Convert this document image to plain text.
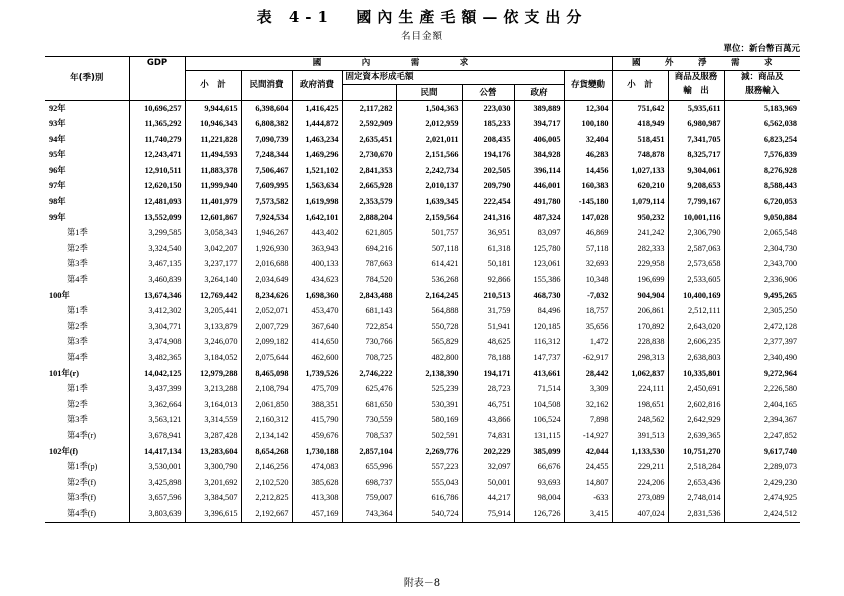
表 4-1  國內生產毛額—依支出分
名目金額
單位：新台幣百萬元
年(季)別	GDP	國　內　需　求								國　外　淨　需　求		
		小　計	民間消費	政府消費	固定資本形成毛額				存貨變動	小　計	商品及服務	減：商品及
						民間	公營	政府			輸　出	服務輸入

92年	10,696,257	9,944,615	6,398,604	1,416,425	2,117,282	1,504,363	223,030	389,889	12,304	751,642	5,935,611	5,183,969
93年	11,365,292	10,946,343	6,808,382	1,444,872	2,592,909	2,012,959	185,233	394,717	100,180	418,949	6,980,987	6,562,038
94年	11,740,279	11,221,828	7,090,739	1,463,234	2,635,451	2,021,011	208,435	406,005	32,404	518,451	7,341,705	6,823,254
95年	12,243,471	11,494,593	7,248,344	1,469,296	2,730,670	2,151,566	194,176	384,928	46,283	748,878	8,325,717	7,576,839
96年	12,910,511	11,883,378	7,506,467	1,521,102	2,841,353	2,242,734	202,505	396,114	14,456	1,027,133	9,304,061	8,276,928
97年	12,620,150	11,999,940	7,609,995	1,563,634	2,665,928	2,010,137	209,790	446,001	160,383	620,210	9,208,653	8,588,443
98年	12,481,093	11,401,979	7,573,582	1,619,998	2,353,579	1,639,345	222,454	491,780	-145,180	1,079,114	7,799,167	6,720,053
99年	13,552,099	12,601,867	7,924,534	1,642,101	2,888,204	2,159,564	241,316	487,324	147,028	950,232	10,001,116	9,050,884
第1季	3,299,585	3,058,343	1,946,267	443,402	621,805	501,757	36,951	83,097	46,869	241,242	2,306,790	2,065,548
第2季	3,324,540	3,042,207	1,926,930	363,943	694,216	507,118	61,318	125,780	57,118	282,333	2,587,063	2,304,730
第3季	3,467,135	3,237,177	2,016,688	400,133	787,663	614,421	50,181	123,061	32,693	229,958	2,573,658	2,343,700
第4季	3,460,839	3,264,140	2,034,649	434,623	784,520	536,268	92,866	155,386	10,348	196,699	2,533,605	2,336,906
100年	13,674,346	12,769,442	8,234,626	1,698,360	2,843,488	2,164,245	210,513	468,730	-7,032	904,904	10,400,169	9,495,265
第1季	3,412,302	3,205,441	2,052,071	453,470	681,143	564,888	31,759	84,496	18,757	206,861	2,512,111	2,305,250
第2季	3,304,771	3,133,879	2,007,729	367,640	722,854	550,728	51,941	120,185	35,656	170,892	2,643,020	2,472,128
第3季	3,474,908	3,246,070	2,099,182	414,650	730,766	565,829	48,625	116,312	1,472	228,838	2,606,235	2,377,397
第4季	3,482,365	3,184,052	2,075,644	462,600	708,725	482,800	78,188	147,737	-62,917	298,313	2,638,803	2,340,490
101年(r)	14,042,125	12,979,288	8,465,098	1,739,526	2,746,222	2,138,390	194,171	413,661	28,442	1,062,837	10,335,801	9,272,964
第1季	3,437,399	3,213,288	2,108,794	475,709	625,476	525,239	28,723	71,514	3,309	224,111	2,450,691	2,226,580
第2季	3,362,664	3,164,013	2,061,850	388,351	681,650	530,391	46,751	104,508	32,162	198,651	2,602,816	2,404,165
第3季	3,563,121	3,314,559	2,160,312	415,790	730,559	580,169	43,866	106,524	7,898	248,562	2,642,929	2,394,367
第4季(r)	3,678,941	3,287,428	2,134,142	459,676	708,537	502,591	74,831	131,115	-14,927	391,513	2,639,365	2,247,852
102年(f)	14,417,134	13,283,604	8,654,268	1,730,188	2,857,104	2,269,776	202,229	385,099	42,044	1,133,530	10,751,270	9,617,740
第1季(p)	3,530,001	3,300,790	2,146,256	474,083	655,996	557,223	32,097	66,676	24,455	229,211	2,518,284	2,289,073
第2季(f)	3,425,898	3,201,692	2,102,520	385,628	698,737	555,043	50,001	93,693	14,807	224,206	2,653,436	2,429,230
第3季(f)	3,657,596	3,384,507	2,212,825	413,308	759,007	616,786	44,217	98,004	-633	273,089	2,748,014	2,474,925
第4季(f)	3,803,639	3,396,615	2,192,667	457,169	743,364	540,724	75,914	126,726	3,415	407,024	2,831,536	2,424,512
附表－8
